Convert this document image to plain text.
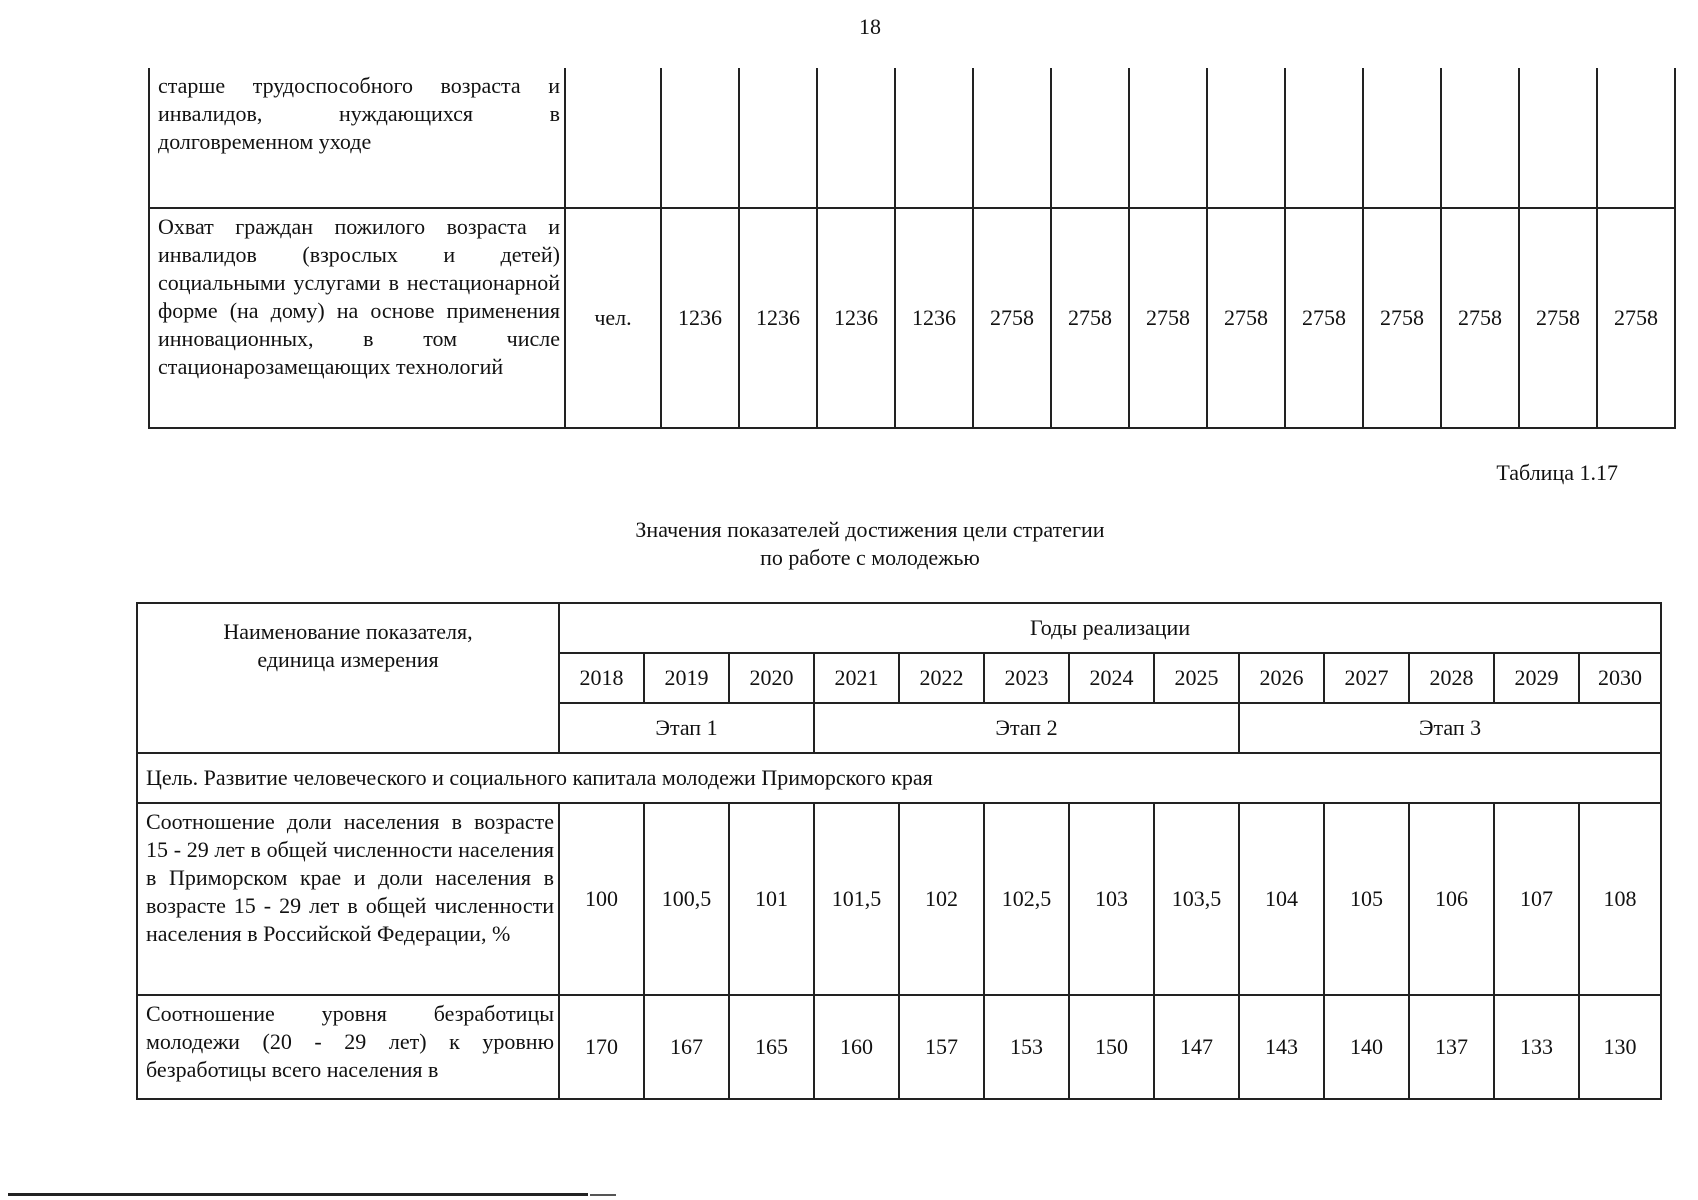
18
старше трудоспособного возраста и инвалидов, нуждающихся в долговременном уходе														
Охват граждан пожилого возраста и инвалидов (взрослых и детей) социальными услугами в нестационарной форме (на дому) на основе применения инновационных, в том числе стационарозамещающих технологий	чел.	1236	1236	1236	1236	2758	2758	2758	2758	2758	2758	2758	2758	2758
Таблица 1.17
Значения показателей достижения цели стратегии
по работе с молодежью
Наименование показателя,
единица измерения	Годы реализации												
	2018	2019	2020	2021	2022	2023	2024	2025	2026	2027	2028	2029	2030
	Этап 1			Этап 2					Этап 3				
Цель. Развитие человеческого и социального капитала молодежи Приморского края													
Соотношение доли населения в возрасте 15 - 29 лет в общей численности населения в Приморском крае и доли населения в возрасте 15 - 29 лет в общей численности населения в Российской Федерации, %	100	100,5	101	101,5	102	102,5	103	103,5	104	105	106	107	108
Соотношение уровня безработицы молодежи (20 - 29 лет) к уровню безработицы всего населения в	170	167	165	160	157	153	150	147	143	140	137	133	130
